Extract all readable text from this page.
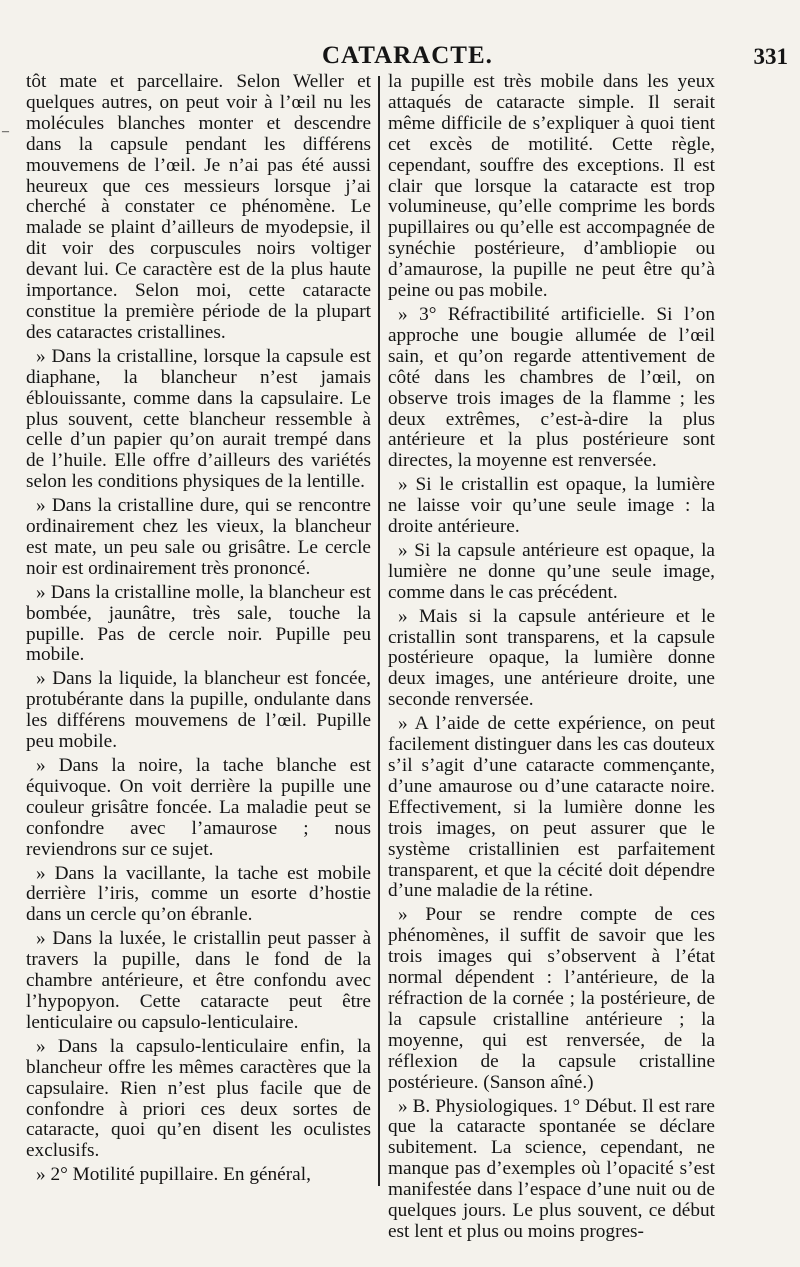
CATARACTE.	331
–

tôt mate et parcellaire. Selon Weller et quelques autres, on peut voir à l’œil nu les molécules blanches monter et descendre dans la capsule pendant les différens mouvemens de l’œil. Je n’ai pas été aussi heureux que ces messieurs lorsque j’ai cherché à constater ce phénomène. Le malade se plaint d’ailleurs de myodepsie, il dit voir des corpuscules noirs voltiger devant lui. Ce caractère est de la plus haute importance. Selon moi, cette cataracte constitue la première période de la plupart des cataractes cristallines.

» Dans la cristalline, lorsque la capsule est diaphane, la blancheur n’est jamais éblouissante, comme dans la capsulaire. Le plus souvent, cette blancheur ressemble à celle d’un papier qu’on aurait trempé dans de l’huile. Elle offre d’ailleurs des variétés selon les conditions physiques de la lentille.

» Dans la cristalline dure, qui se rencontre ordinairement chez les vieux, la blancheur est mate, un peu sale ou grisâtre. Le cercle noir est ordinairement très prononcé.

» Dans la cristalline molle, la blancheur est bombée, jaunâtre, très sale, touche la pupille. Pas de cercle noir. Pupille peu mobile.

» Dans la liquide, la blancheur est foncée, protubérante dans la pupille, ondulante dans les différens mouvemens de l’œil. Pupille peu mobile.

» Dans la noire, la tache blanche est équivoque. On voit derrière la pupille une couleur grisâtre foncée. La maladie peut se confondre avec l’amaurose ; nous reviendrons sur ce sujet.

» Dans la vacillante, la tache est mobile derrière l’iris, comme un esorte d’hostie dans un cercle qu’on ébranle.

» Dans la luxée, le cristallin peut passer à travers la pupille, dans le fond de la chambre antérieure, et être confondu avec l’hypopyon. Cette cataracte peut être lenticulaire ou capsulo-lenticulaire.

» Dans la capsulo-lenticulaire enfin, la blancheur offre les mêmes caractères que la capsulaire. Rien n’est plus facile que de confondre à priori ces deux sortes de cataracte, quoi qu’en disent les oculistes exclusifs.

» 2° Motilité pupillaire. En général,

la pupille est très mobile dans les yeux attaqués de cataracte simple. Il serait même difficile de s’expliquer à quoi tient cet excès de motilité. Cette règle, cependant, souffre des exceptions. Il est clair que lorsque la cataracte est trop volumineuse, qu’elle comprime les bords pupillaires ou qu’elle est accompagnée de synéchie postérieure, d’ambliopie ou d’amaurose, la pupille ne peut être qu’à peine ou pas mobile.

» 3° Réfractibilité artificielle. Si l’on approche une bougie allumée de l’œil sain, et qu’on regarde attentivement de côté dans les chambres de l’œil, on observe trois images de la flamme ; les deux extrêmes, c’est-à-dire la plus antérieure et la plus postérieure sont directes, la moyenne est renversée.

» Si le cristallin est opaque, la lumière ne laisse voir qu’une seule image : la droite antérieure.

» Si la capsule antérieure est opaque, la lumière ne donne qu’une seule image, comme dans le cas précédent.

» Mais si la capsule antérieure et le cristallin sont transparens, et la capsule postérieure opaque, la lumière donne deux images, une antérieure droite, une seconde renversée.

» A l’aide de cette expérience, on peut facilement distinguer dans les cas douteux s’il s’agit d’une cataracte commençante, d’une amaurose ou d’une cataracte noire. Effectivement, si la lumière donne les trois images, on peut assurer que le système cristallinien est parfaitement transparent, et que la cécité doit dépendre d’une maladie de la rétine.

» Pour se rendre compte de ces phénomènes, il suffit de savoir que les trois images qui s’observent à l’état normal dépendent : l’antérieure, de la réfraction de la cornée ; la postérieure, de la capsule cristalline antérieure ; la moyenne, qui est renversée, de la réflexion de la capsule cristalline postérieure. (Sanson aîné.)

» B. Physiologiques. 1° Début. Il est rare que la cataracte spontanée se déclare subitement. La science, cependant, ne manque pas d’exemples où l’opacité s’est manifestée dans l’espace d’une nuit ou de quelques jours. Le plus souvent, ce début est lent et plus ou moins progres-
